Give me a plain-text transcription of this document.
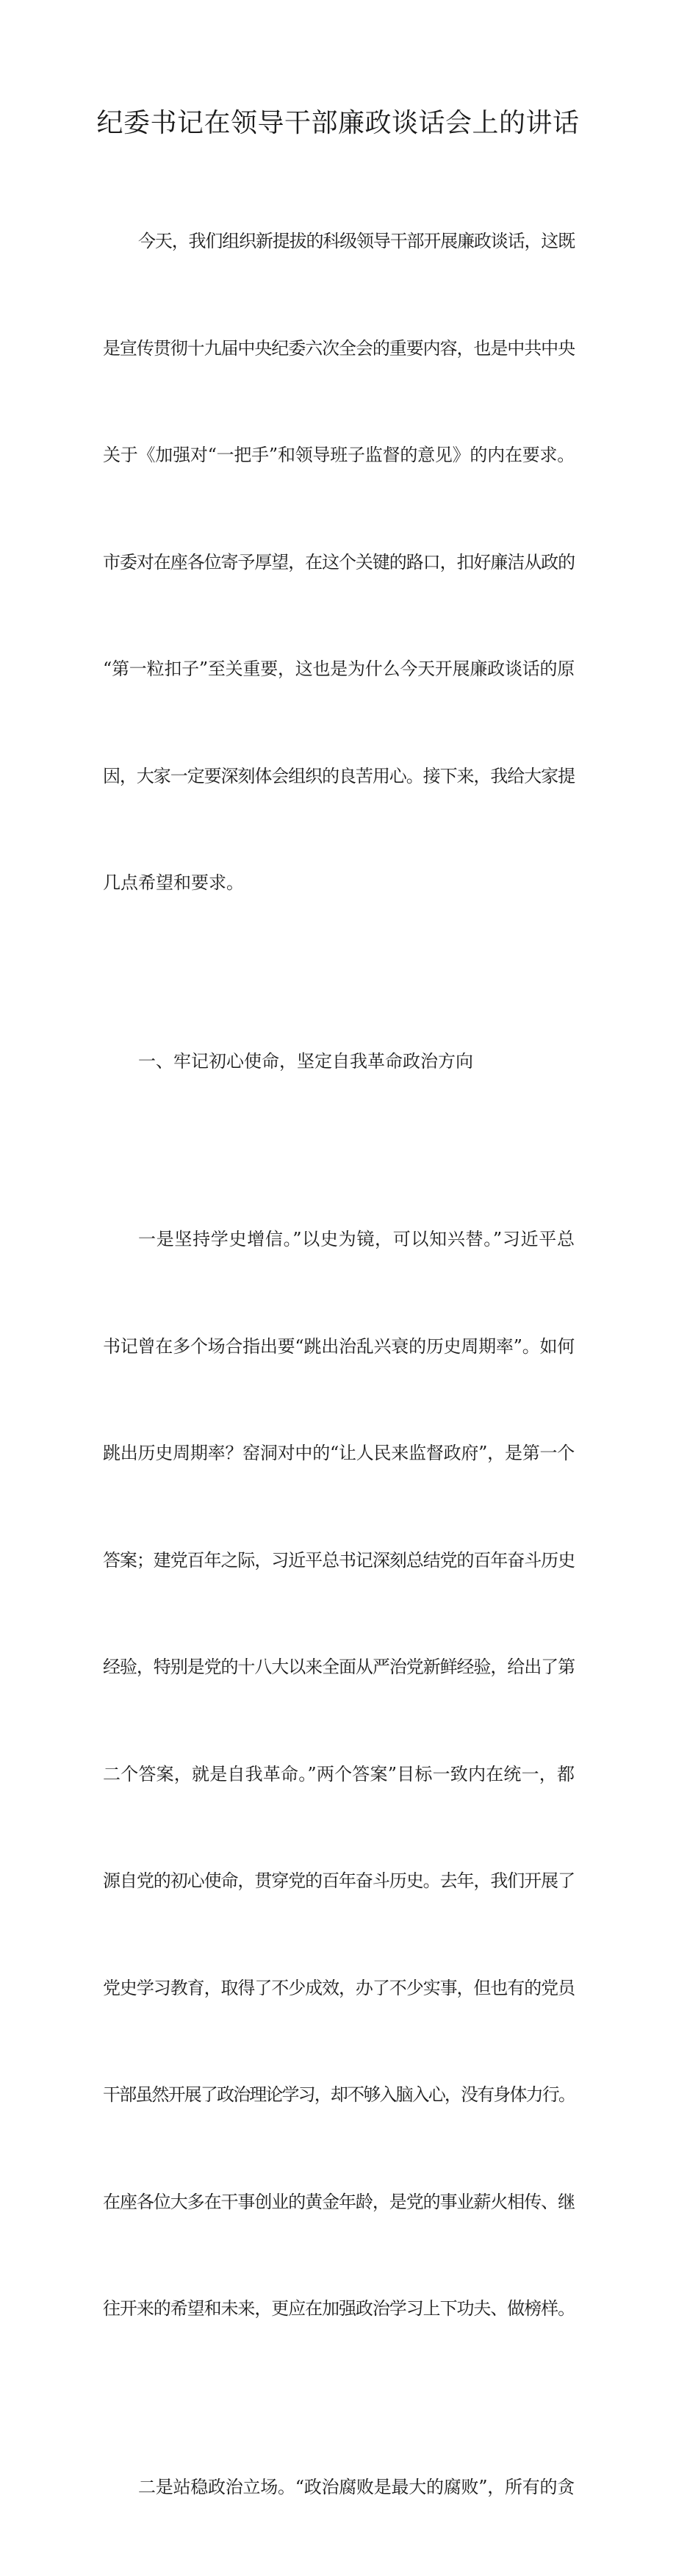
纪委书记在领导干部廉政谈话会上的讲话

今天，我们组织新提拔的科级领导干部开展廉政谈话，这既

是宣传贯彻十九届中央纪委六次全会的重要内容，也是中共中央

关于《加强对“一把手”和领导班子监督的意见》的内在要求。

市委对在座各位寄予厚望，在这个关键的路口，扣好廉洁从政的

“第一粒扣子”至关重要，这也是为什么今天开展廉政谈话的原

因，大家一定要深刻体会组织的良苦用心。接下来，我给大家提

几点希望和要求。

一、牢记初心使命，坚定自我革命政治方向

一是坚持学史增信。”以史为镜，可以知兴替。”习近平总

书记曾在多个场合指出要“跳出治乱兴衰的历史周期率”。如何

跳出历史周期率？窑洞对中的“让人民来监督政府”，是第一个

答案；建党百年之际，习近平总书记深刻总结党的百年奋斗历史

经验，特别是党的十八大以来全面从严治党新鲜经验，给出了第

二个答案，就是自我革命。”两个答案”目标一致内在统一，都

源自党的初心使命，贯穿党的百年奋斗历史。去年，我们开展了

党史学习教育，取得了不少成效，办了不少实事，但也有的党员

干部虽然开展了政治理论学习，却不够入脑入心，没有身体力行。

在座各位大多在干事创业的黄金年龄，是党的事业薪火相传、继

往开来的希望和未来，更应在加强政治学习上下功夫、做榜样。

二是站稳政治立场。“政治腐败是最大的腐败”，所有的贪
